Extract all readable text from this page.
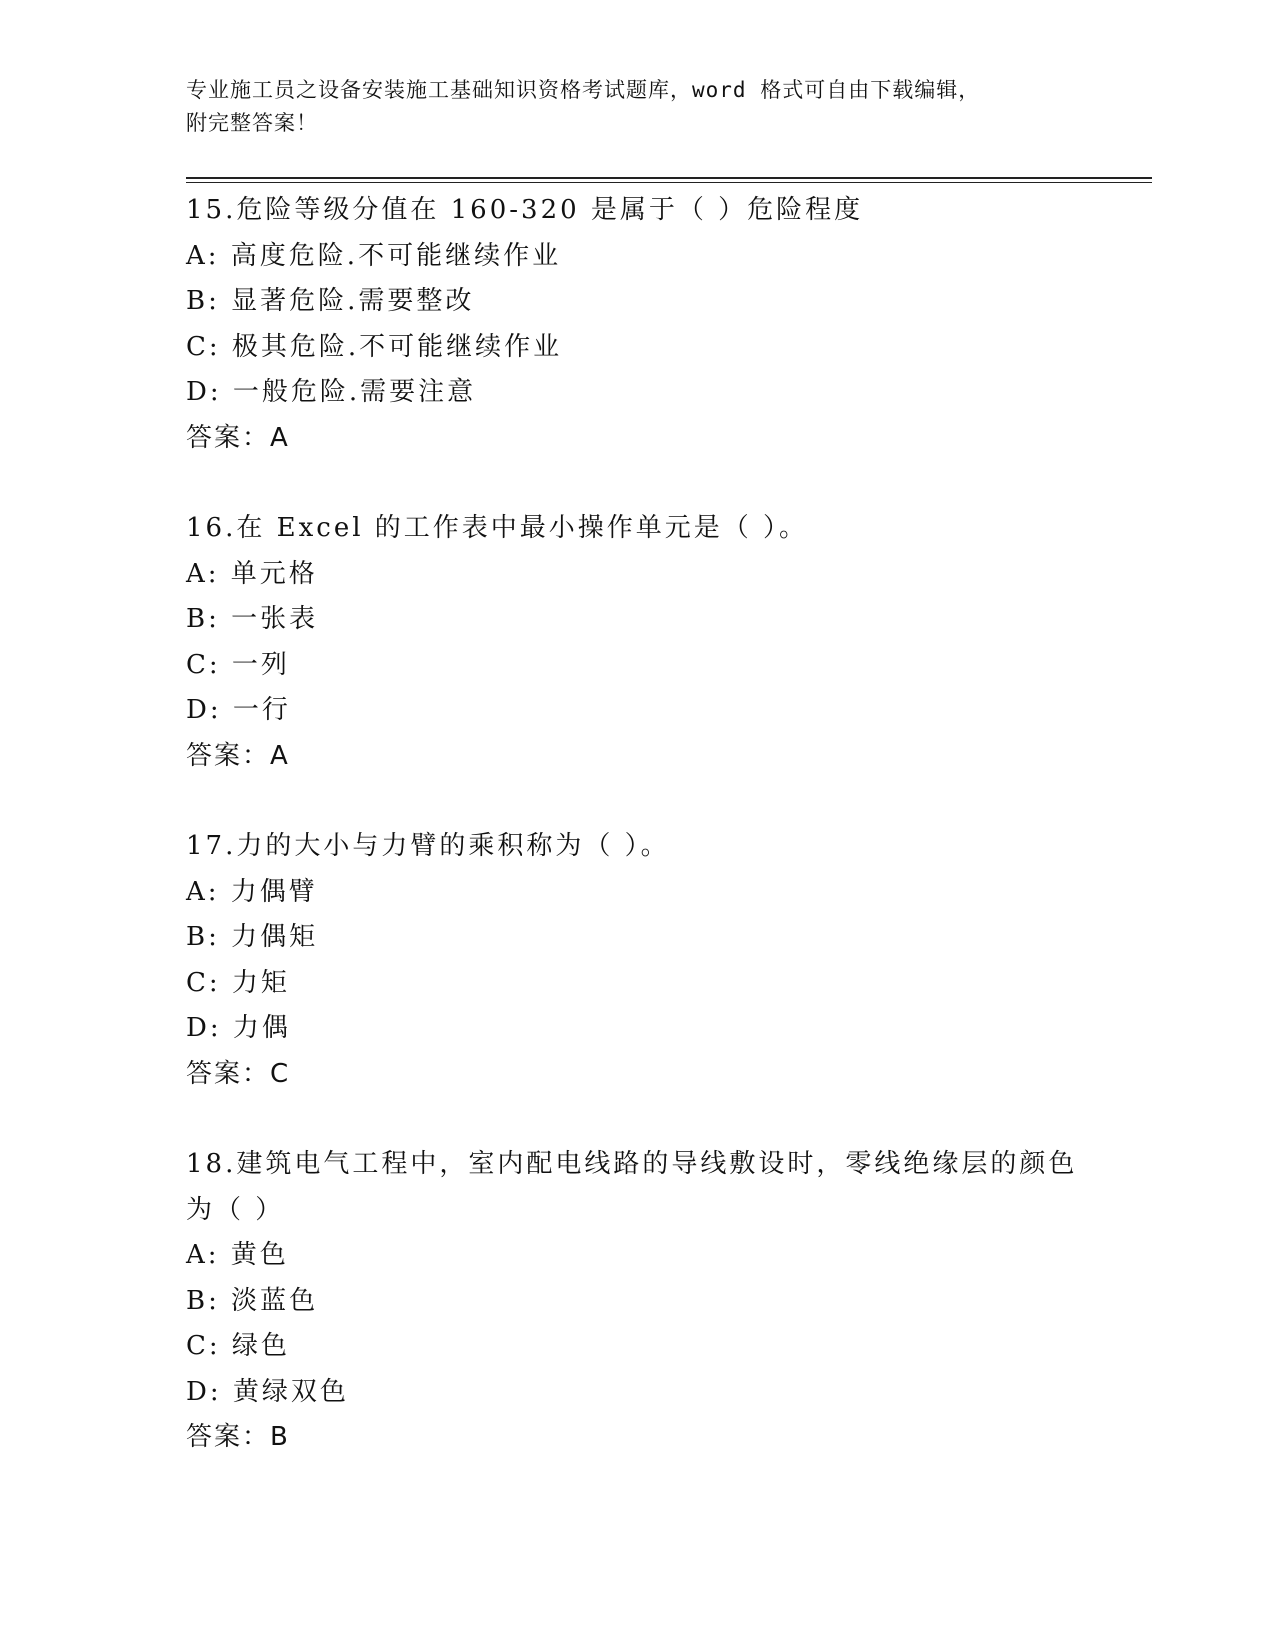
专业施工员之设备安装施工基础知识资格考试题库，word 格式可自由下载编辑，
附完整答案！
15.危险等级分值在 160-320 是属于（ ）危险程度
A: 高度危险.不可能继续作业
B: 显著危险.需要整改
C: 极其危险.不可能继续作业
D: 一般危险.需要注意
答案：A
16.在 Excel 的工作表中最小操作单元是（ ）。
A: 单元格
B: 一张表
C: 一列
D: 一行
答案：A
17.力的大小与力臂的乘积称为（ ）。
A: 力偶臂
B: 力偶矩
C: 力矩
D: 力偶
答案：C
18.建筑电气工程中，室内配电线路的导线敷设时，零线绝缘层的颜色为（ ）
A: 黄色
B: 淡蓝色
C: 绿色
D: 黄绿双色
答案：B
